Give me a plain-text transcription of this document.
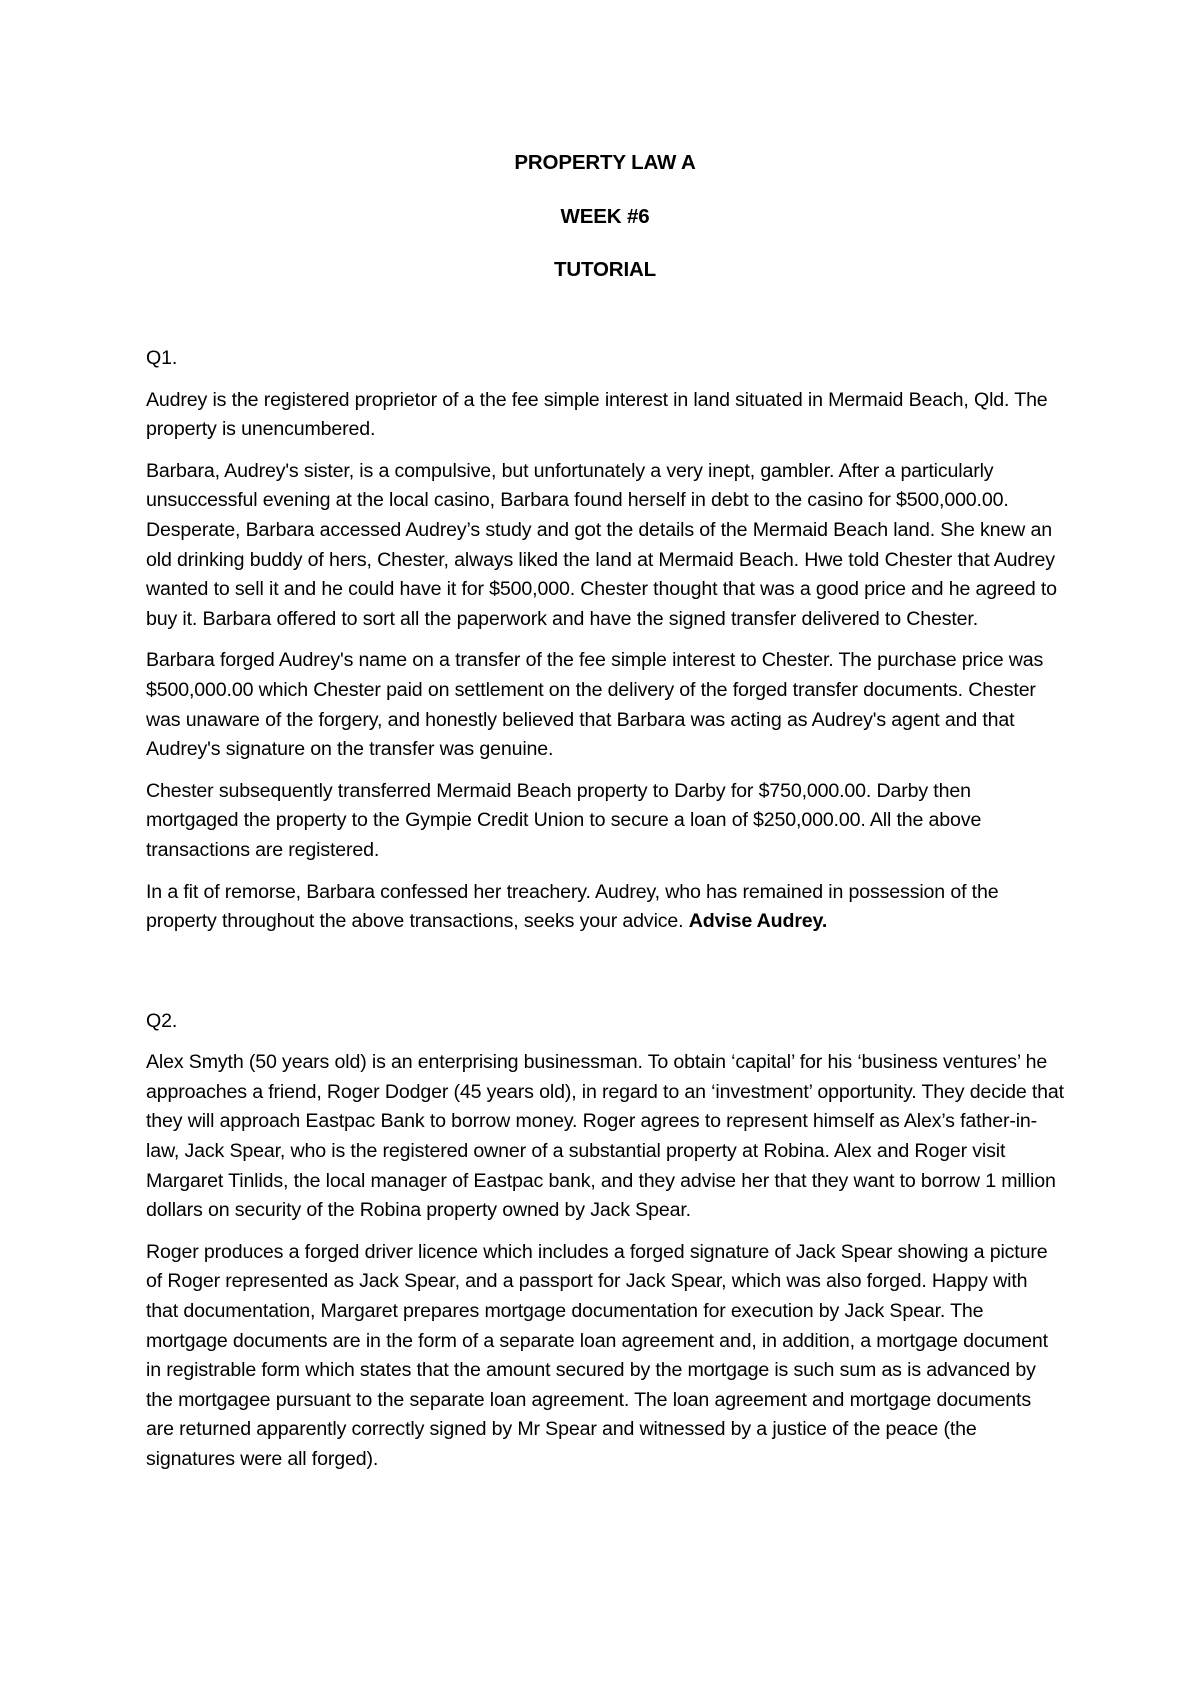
PROPERTY LAW A

WEEK #6

TUTORIAL

Q1.

Audrey is the registered proprietor of a the fee simple interest in land situated in Mermaid Beach, Qld. The property is unencumbered.

Barbara, Audrey's sister, is a compulsive, but unfortunately a very inept, gambler. After a particularly unsuccessful evening at the local casino, Barbara found herself in debt to the casino for $500,000.00. Desperate, Barbara accessed Audrey’s study and got the details of the Mermaid Beach land. She knew an old drinking buddy of hers, Chester, always liked the land at Mermaid Beach. Hwe told Chester that Audrey wanted to sell it and he could have it for $500,000. Chester thought that was a good price and he agreed to buy it. Barbara offered to sort all the paperwork and have the signed transfer delivered to Chester.

Barbara forged Audrey's name on a transfer of the fee simple interest to Chester. The purchase price was $500,000.00 which Chester paid on settlement on the delivery of the forged transfer documents. Chester was unaware of the forgery, and honestly believed that Barbara was acting as Audrey's agent and that Audrey's signature on the transfer was genuine.

Chester subsequently transferred Mermaid Beach property to Darby for $750,000.00. Darby then mortgaged the property to the Gympie Credit Union to secure a loan of $250,000.00. All the above transactions are registered.

In a fit of remorse, Barbara confessed her treachery. Audrey, who has remained in possession of the property throughout the above transactions, seeks your advice. Advise Audrey.

Q2.

Alex Smyth (50 years old) is an enterprising businessman. To obtain ‘capital’ for his ‘business ventures’ he approaches a friend, Roger Dodger (45 years old), in regard to an ‘investment’ opportunity. They decide that they will approach Eastpac Bank to borrow money. Roger agrees to represent himself as Alex’s father-in-law, Jack Spear, who is the registered owner of a substantial property at Robina. Alex and Roger visit Margaret Tinlids, the local manager of Eastpac bank, and they advise her that they want to borrow 1 million dollars on security of the Robina property owned by Jack Spear.

Roger produces a forged driver licence which includes a forged signature of Jack Spear showing a picture of Roger represented as Jack Spear, and a passport for Jack Spear, which was also forged. Happy with that documentation, Margaret prepares mortgage documentation for execution by Jack Spear. The mortgage documents are in the form of a separate loan agreement and, in addition, a mortgage document in registrable form which states that the amount secured by the mortgage is such sum as is advanced by the mortgagee pursuant to the separate loan agreement. The loan agreement and mortgage documents are returned apparently correctly signed by Mr Spear and witnessed by a justice of the peace (the signatures were all forged).
